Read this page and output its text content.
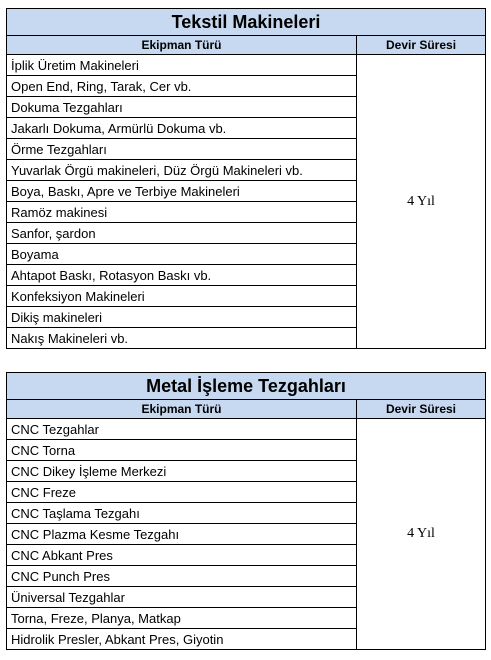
Tekstil Makineleri	
Ekipman Türü	Devir Süresi
İplik Üretim Makineleri	4 Yıl
Open End, Ring, Tarak, Cer vb.	
Dokuma Tezgahları	
Jakarlı Dokuma, Armürlü Dokuma vb.	
Örme Tezgahları	
Yuvarlak Örgü makineleri, Düz Örgü Makineleri vb.	
Boya, Baskı, Apre ve Terbiye Makineleri	
Ramöz makinesi	
Sanfor, şardon	
Boyama	
Ahtapot Baskı, Rotasyon Baskı vb.	
Konfeksiyon Makineleri	
Dikiş makineleri	
Nakış Makineleri vb.	
Metal İşleme Tezgahları	
Ekipman Türü	Devir Süresi
CNC Tezgahlar	4 Yıl
CNC Torna	
CNC Dikey İşleme Merkezi	
CNC Freze	
CNC Taşlama Tezgahı	
CNC Plazma Kesme Tezgahı	
CNC Abkant Pres	
CNC Punch Pres	
Üniversal Tezgahlar	
Torna, Freze, Planya, Matkap	
Hidrolik Presler, Abkant Pres, Giyotin	
